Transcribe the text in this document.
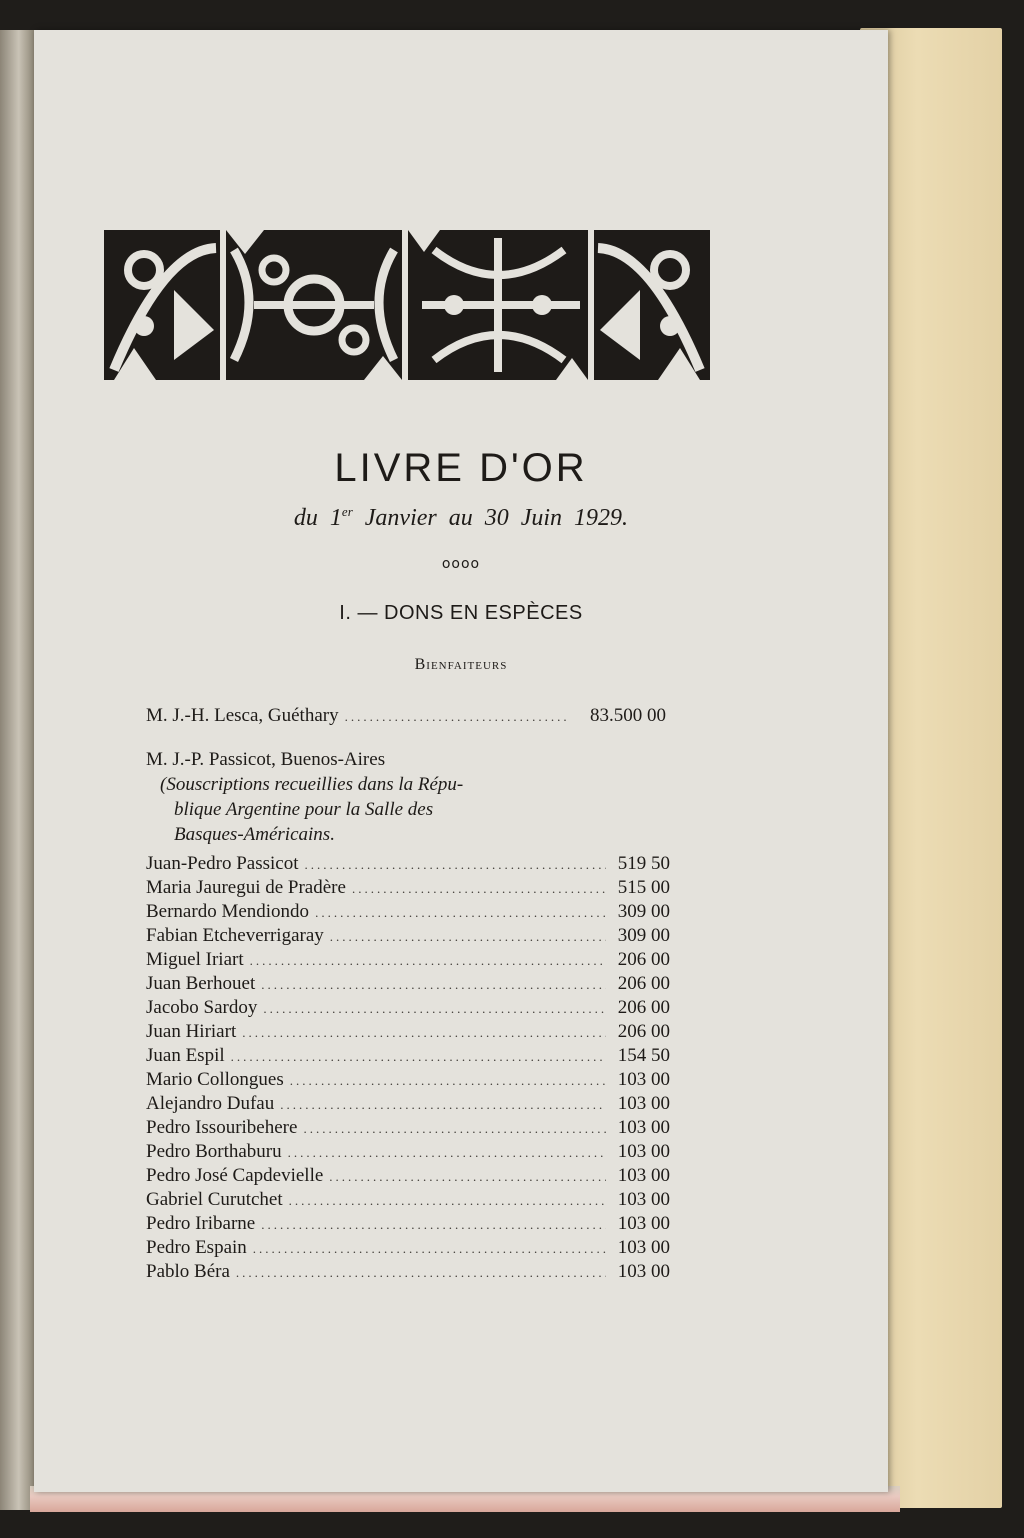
LIVRE D'OR
du 1er Janvier au 30 Juin 1929.
oooo
I. — DONS EN ESPÈCES
Bienfaiteurs
M. J.-H. Lesca, Guéthary .....	83.500 00
M. J.-P. Passicot, Buenos-Aires
(Souscriptions recueillies dans la Répu-
blique Argentine pour la Salle des
Basques-Américains.
Juan-Pedro Passicot .....	519 50
Maria Jauregui de Pradère .....	515 00
Bernardo Mendiondo .....	309 00
Fabian Etcheverrigaray .....	309 00
Miguel Iriart .....	206 00
Juan Berhouet .....	206 00
Jacobo Sardoy .....	206 00
Juan Hiriart .....	206 00
Juan Espil .....	154 50
Mario Collongues .....	103 00
Alejandro Dufau .....	103 00
Pedro Issouribehere .....	103 00
Pedro Borthaburu .....	103 00
Pedro José Capdevielle .....	103 00
Gabriel Curutchet .....	103 00
Pedro Iribarne .....	103 00
Pedro Espain .....	103 00
Pablo Béra .....	103 00
